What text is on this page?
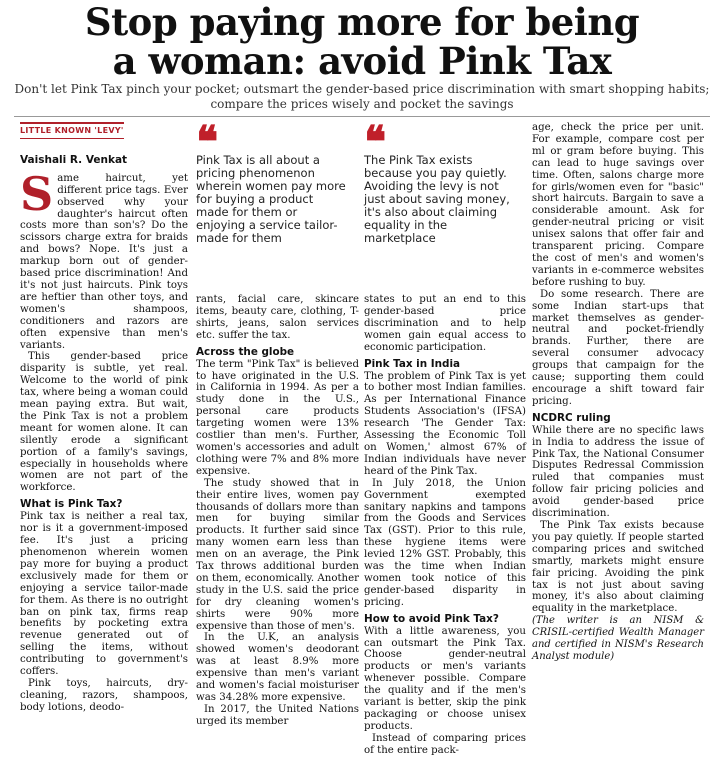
Stop paying more for being
a woman: avoid Pink Tax
Don't let Pink Tax pinch your pocket; outsmart the gender-based price discrimination with smart shopping habits; compare the prices wisely and pocket the savings
LITTLE KNOWN 'LEVY'
Vaishali R. Venkat

Same haircut, yet different price tags. Ever observed why your daughter's haircut often costs more than son's? Do the scissors charge extra for braids and bows? Nope. It's just a markup born out of gender-based price discrimination! And it's not just haircuts. Pink toys are heftier than other toys, and women's shampoos, conditioners and razors are often expensive than men's variants.

This gender-based price disparity is subtle, yet real. Welcome to the world of pink tax, where being a woman could mean paying extra. But wait, the Pink Tax is not a problem meant for women alone. It can silently erode a significant portion of a family's savings, especially in households where women are not part of the workforce.

What is Pink Tax?

Pink tax is neither a real tax, nor is it a government-imposed fee. It's just a pricing phenomenon wherein women pay more for buying a product exclusively made for them or enjoying a service tailor-made for them. As there is no outright ban on pink tax, firms reap benefits by pocketing extra revenue generated out of selling the items, without contributing to government's coffers.

Pink toys, haircuts, dry-cleaning, razors, shampoos, body lotions, deodo-

❛❛
Pink Tax is all about a pricing phenomenon wherein women pay more for buying a product made for them or enjoying a service tailor-made for them

rants, facial care, skincare items, beauty care, clothing, T-shirts, jeans, salon services etc. suffer the tax.

Across the globe

The term "Pink Tax" is believed to have originated in the U.S. in California in 1994. As per a study done in the U.S., personal care products targeting women were 13% costlier than men's. Further, women's accessories and adult clothing were 7% and 8% more expensive.

The study showed that in their entire lives, women pay thousands of dollars more than men for buying similar products. It further said since many women earn less than men on an average, the Pink Tax throws additional burden on them, economically. Another study in the U.S. said the price for dry cleaning women's shirts were 90% more expensive than those of men's.

In the U.K, an analysis showed women's deodorant was at least 8.9% more expensive than men's variant and women's facial moisturiser was 34.28% more expensive.

In 2017, the United Nations urged its member

❛❛
The Pink Tax exists because you pay quietly. Avoiding the levy is not just about saving money, it's also about claiming equality in the marketplace

states to put an end to this gender-based price discrimination and to help women gain equal access to economic participation.

Pink Tax in India

The problem of Pink Tax is yet to bother most Indian families. As per International Finance Students Association's (IFSA) research 'The Gender Tax: Assessing the Economic Toll on Women,' almost 67% of Indian individuals have never heard of the Pink Tax.

In July 2018, the Union Government exempted sanitary napkins and tampons from the Goods and Services Tax (GST). Prior to this rule, these hygiene items were levied 12% GST. Probably, this was the time when Indian women took notice of this gender-based disparity in pricing.

How to avoid Pink Tax?

With a little awareness, you can outsmart the Pink Tax. Choose gender-neutral products or men's variants whenever possible. Compare the quality and if the men's variant is better, skip the pink packaging or choose unisex products.

Instead of comparing prices of the entire pack-

age, check the price per unit. For example, compare cost per ml or gram before buying. This can lead to huge savings over time. Often, salons charge more for girls/women even for "basic" short haircuts. Bargain to save a considerable amount. Ask for gender-neutral pricing or visit unisex salons that offer fair and transparent pricing. Compare the cost of men's and women's variants in e-commerce websites before rushing to buy.

Do some research. There are some Indian start-ups that market themselves as gender-neutral and pocket-friendly brands. Further, there are several consumer advocacy groups that campaign for the cause; supporting them could encourage a shift toward fair pricing.

NCDRC ruling

While there are no specific laws in India to address the issue of Pink Tax, the National Consumer Disputes Redressal Commission ruled that companies must follow fair pricing policies and avoid gender-based price discrimination.

The Pink Tax exists because you pay quietly. If people started comparing prices and switched smartly, markets might ensure fair pricing. Avoiding the pink tax is not just about saving money, it's also about claiming equality in the marketplace.

(The writer is an NISM & CRISIL-certified Wealth Manager and certified in NISM's Research Analyst module)
